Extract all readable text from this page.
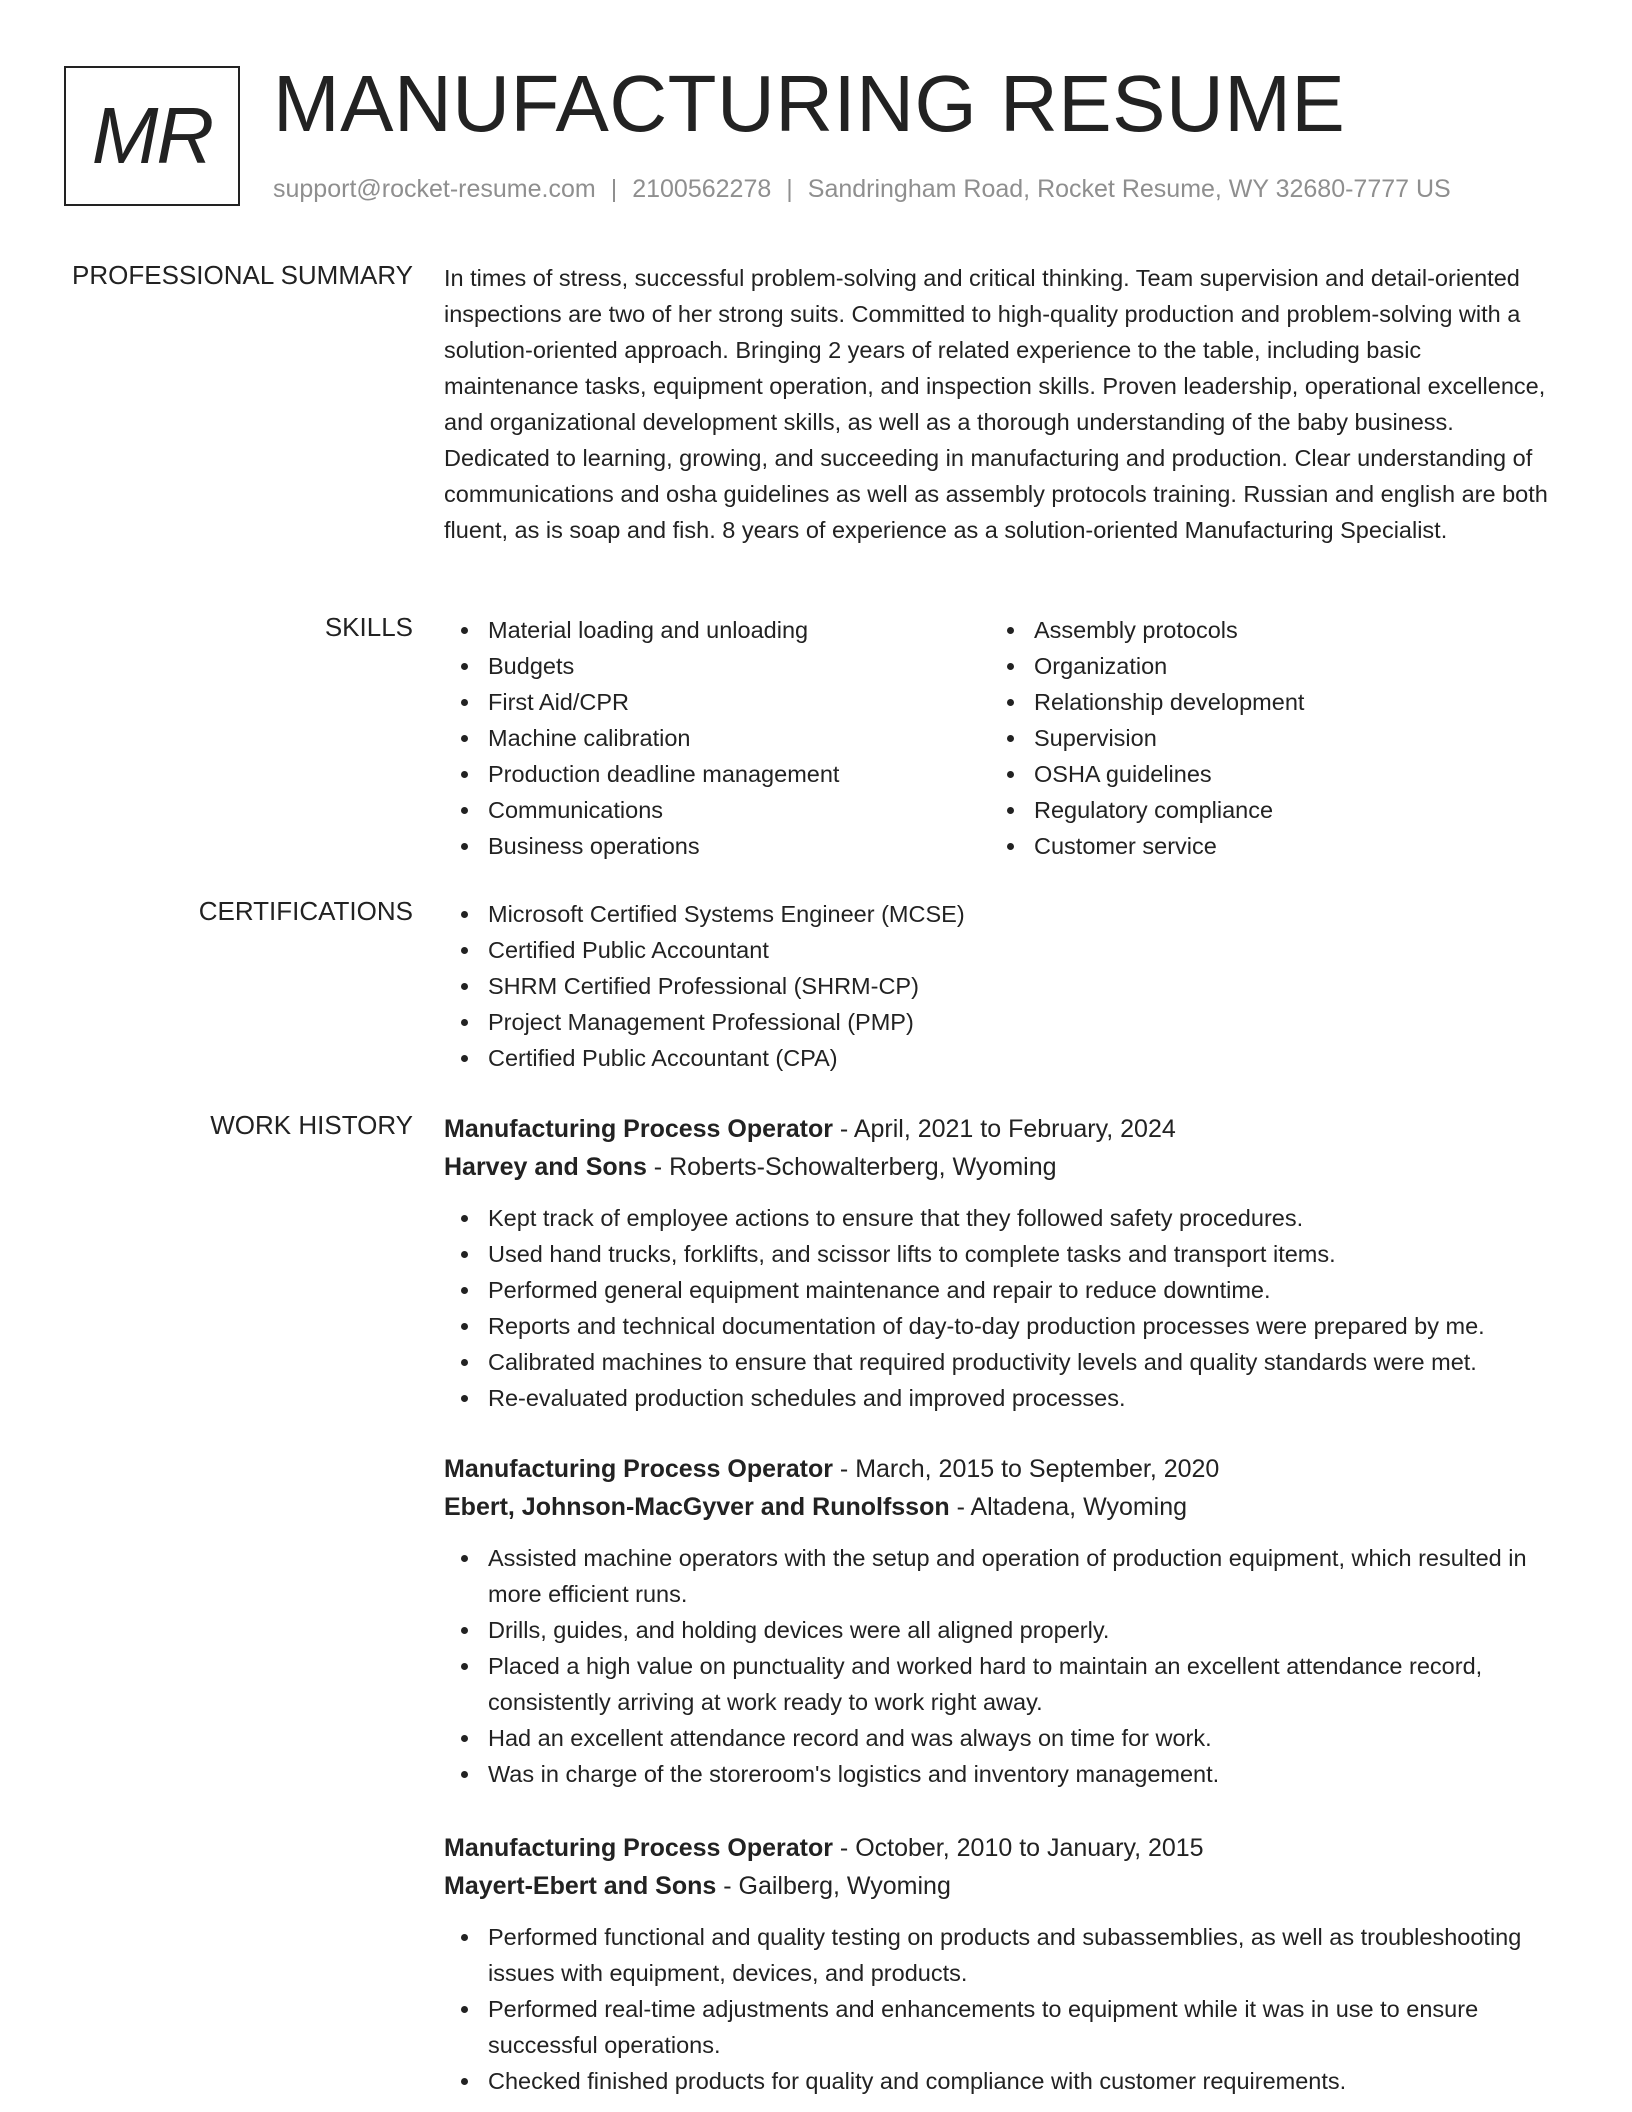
MR MANUFACTURING RESUME
support@rocket-resume.com | 2100562278 | Sandringham Road, Rocket Resume, WY 32680-7777 US
PROFESSIONAL SUMMARY In times of stress, successful problem-solving and critical thinking. Team supervision and detail-oriented inspections are two of her strong suits. Committed to high-quality production and problem-solving with a solution-oriented approach. Bringing 2 years of related experience to the table, including basic maintenance tasks, equipment operation, and inspection skills. Proven leadership, operational excellence, and organizational development skills, as well as a thorough understanding of the baby business. Dedicated to learning, growing, and succeeding in manufacturing and production. Clear understanding of communications and osha guidelines as well as assembly protocols training. Russian and english are both fluent, as is soap and fish. 8 years of experience as a solution-oriented Manufacturing Specialist.

SKILLS	Material loading and unloading
Budgets
First Aid/CPR
Machine calibration
Production deadline management
Communications
Business operations
Assembly protocols
Organization
Relationship development
Supervision
OSHA guidelines
Regulatory compliance
Customer service
CERTIFICATIONS	Microsoft Certified Systems Engineer (MCSE)
Certified Public Accountant
SHRM Certified Professional (SHRM-CP)
Project Management Professional (PMP)
Certified Public Accountant (CPA)
WORK HISTORY Manufacturing Process Operator - April, 2021 to February, 2024
Harvey and Sons - Roberts-Schowalterberg, Wyoming
Kept track of employee actions to ensure that they followed safety procedures.
Used hand trucks, forklifts, and scissor lifts to complete tasks and transport items.
Performed general equipment maintenance and repair to reduce downtime.
Reports and technical documentation of day-to-day production processes were prepared by me.
Calibrated machines to ensure that required productivity levels and quality standards were met.
Re-evaluated production schedules and improved processes.
Manufacturing Process Operator - March, 2015 to September, 2020
Ebert, Johnson-MacGyver and Runolfsson - Altadena, Wyoming
Assisted machine operators with the setup and operation of production equipment, which resulted in more efficient runs.
Drills, guides, and holding devices were all aligned properly.
Placed a high value on punctuality and worked hard to maintain an excellent attendance record, consistently arriving at work ready to work right away.
Had an excellent attendance record and was always on time for work.
Was in charge of the storeroom's logistics and inventory management.
Manufacturing Process Operator - October, 2010 to January, 2015
Mayert-Ebert and Sons - Gailberg, Wyoming
Performed functional and quality testing on products and subassemblies, as well as troubleshooting issues with equipment, devices, and products.
Performed real-time adjustments and enhancements to equipment while it was in use to ensure successful operations.
Checked finished products for quality and compliance with customer requirements.
